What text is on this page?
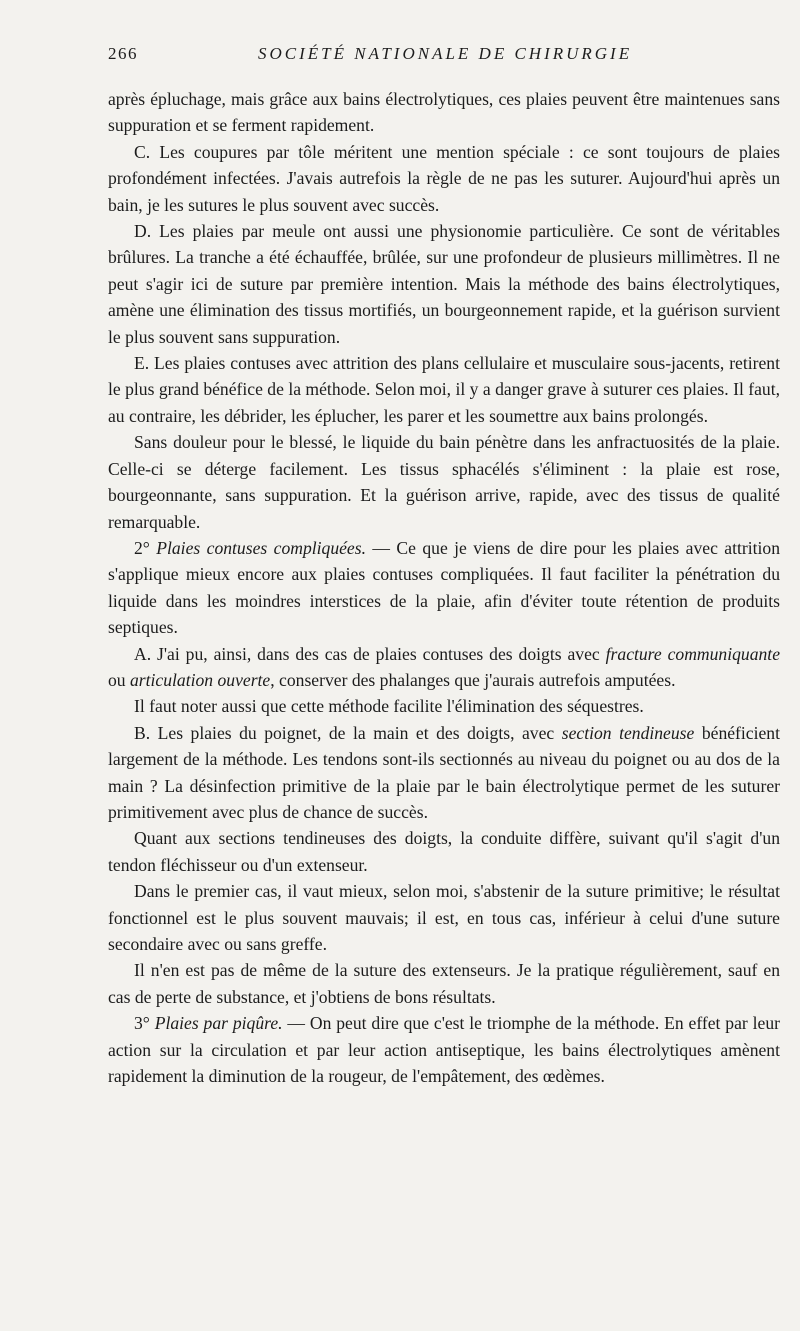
266	SOCIÉTÉ NATIONALE DE CHIRURGIE

après épluchage, mais grâce aux bains électrolytiques, ces plaies peuvent être maintenues sans suppuration et se ferment rapidement.

C. Les coupures par tôle méritent une mention spéciale : ce sont toujours de plaies profondément infectées. J'avais autrefois la règle de ne pas les suturer. Aujourd'hui après un bain, je les sutures le plus souvent avec succès.

D. Les plaies par meule ont aussi une physionomie particulière. Ce sont de véritables brûlures. La tranche a été échauffée, brûlée, sur une profondeur de plusieurs millimètres. Il ne peut s'agir ici de suture par première intention. Mais la méthode des bains électrolytiques, amène une élimination des tissus mortifiés, un bourgeonnement rapide, et la guérison survient le plus souvent sans suppuration.

E. Les plaies contuses avec attrition des plans cellulaire et musculaire sous-jacents, retirent le plus grand bénéfice de la méthode. Selon moi, il y a danger grave à suturer ces plaies. Il faut, au contraire, les débrider, les éplucher, les parer et les soumettre aux bains prolongés.

Sans douleur pour le blessé, le liquide du bain pénètre dans les anfractuosités de la plaie. Celle-ci se déterge facilement. Les tissus sphacélés s'éliminent : la plaie est rose, bourgeonnante, sans suppuration. Et la guérison arrive, rapide, avec des tissus de qualité remarquable.

2° Plaies contuses compliquées. — Ce que je viens de dire pour les plaies avec attrition s'applique mieux encore aux plaies contuses compliquées. Il faut faciliter la pénétration du liquide dans les moindres interstices de la plaie, afin d'éviter toute rétention de produits septiques.

A. J'ai pu, ainsi, dans des cas de plaies contuses des doigts avec fracture communiquante ou articulation ouverte, conserver des phalanges que j'aurais autrefois amputées.

Il faut noter aussi que cette méthode facilite l'élimination des séquestres.

B. Les plaies du poignet, de la main et des doigts, avec section tendineuse bénéficient largement de la méthode. Les tendons sont-ils sectionnés au niveau du poignet ou au dos de la main ? La désinfection primitive de la plaie par le bain électrolytique permet de les suturer primitivement avec plus de chance de succès.

Quant aux sections tendineuses des doigts, la conduite diffère, suivant qu'il s'agit d'un tendon fléchisseur ou d'un extenseur.

Dans le premier cas, il vaut mieux, selon moi, s'abstenir de la suture primitive; le résultat fonctionnel est le plus souvent mauvais; il est, en tous cas, inférieur à celui d'une suture secondaire avec ou sans greffe.

Il n'en est pas de même de la suture des extenseurs. Je la pratique régulièrement, sauf en cas de perte de substance, et j'obtiens de bons résultats.

3° Plaies par piqûre. — On peut dire que c'est le triomphe de la méthode. En effet par leur action sur la circulation et par leur action antiseptique, les bains électrolytiques amènent rapidement la diminution de la rougeur, de l'empâtement, des œdèmes.
